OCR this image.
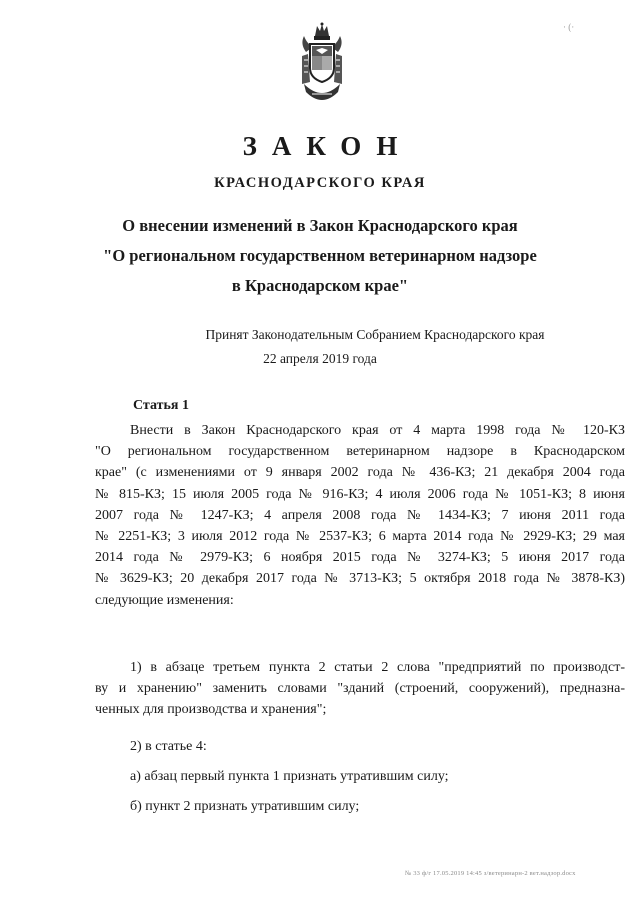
· (·
ЗАКОН
КРАСНОДАРСКОГО КРАЯ
О внесении изменений в Закон Краснодарского края
"О региональном государственном ветеринарном надзоре
в Краснодарском крае"
Принят Законодательным Собранием Краснодарского края
22 апреля 2019 года
Статья 1
Внести в Закон Краснодарского края от 4 марта 1998 года № 120-КЗ
"О региональном государственном ветеринарном надзоре в Краснодарском
крае" (с изменениями от 9 января 2002 года № 436-КЗ; 21 декабря 2004 года
№ 815-КЗ; 15 июля 2005 года № 916-КЗ; 4 июля 2006 года № 1051-КЗ; 8 июня
2007 года № 1247-КЗ; 4 апреля 2008 года № 1434-КЗ; 7 июня 2011 года
№ 2251-КЗ; 3 июля 2012 года № 2537-КЗ; 6 марта 2014 года № 2929-КЗ; 29 мая
2014 года № 2979-КЗ; 6 ноября 2015 года № 3274-КЗ; 5 июня 2017 года
№ 3629-КЗ; 20 декабря 2017 года № 3713-КЗ; 5 октября 2018 года № 3878-КЗ)
следующие изменения:
1) в абзаце третьем пункта 2 статьи 2 слова "предприятий по производст-
ву и хранению" заменить словами "зданий (строений, сооружений), предназна-
ченных для производства и хранения";
2) в статье 4:
а) абзац первый пункта 1 признать утратившим силу;
б) пункт 2 признать утратившим силу;
№ 33 ф/г 17.05.2019 14:45 з/ветеринарн-2 вет.надзор.docx
